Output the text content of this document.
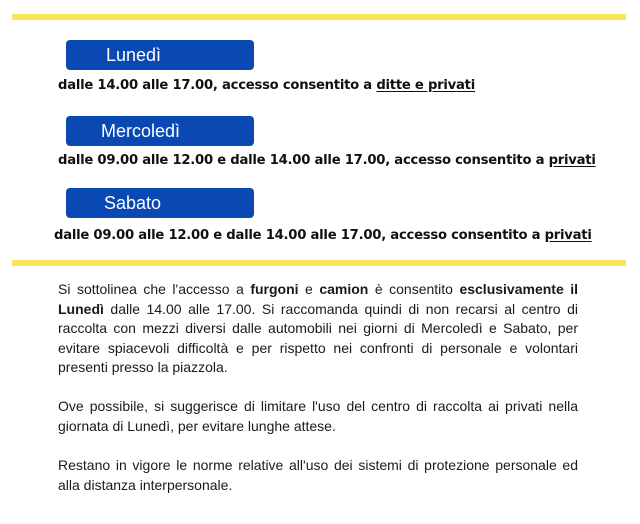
Lunedì
dalle 14.00 alle 17.00, accesso consentito a ditte e privati
Mercoledì
dalle 09.00 alle 12.00 e dalle 14.00 alle 17.00, accesso consentito a privati
Sabato
dalle 09.00 alle 12.00 e dalle 14.00 alle 17.00, accesso consentito a privati

Si sottolinea che l'accesso a furgoni e camion è consentito esclusivamente il Lunedì dalle 14.00 alle 17.00. Si raccomanda quindi di non recarsi al centro di raccolta con mezzi diversi dalle automobili nei giorni di Mercoledì e Sabato, per evitare spiacevoli difficoltà e per rispetto nei confronti di personale e volontari presenti presso la piazzola.

Ove possibile, si suggerisce di limitare l'uso del centro di raccolta ai privati nella giornata di Lunedì, per evitare lunghe attese.

Restano in vigore le norme relative all'uso dei sistemi di protezione personale ed alla distanza interpersonale.
